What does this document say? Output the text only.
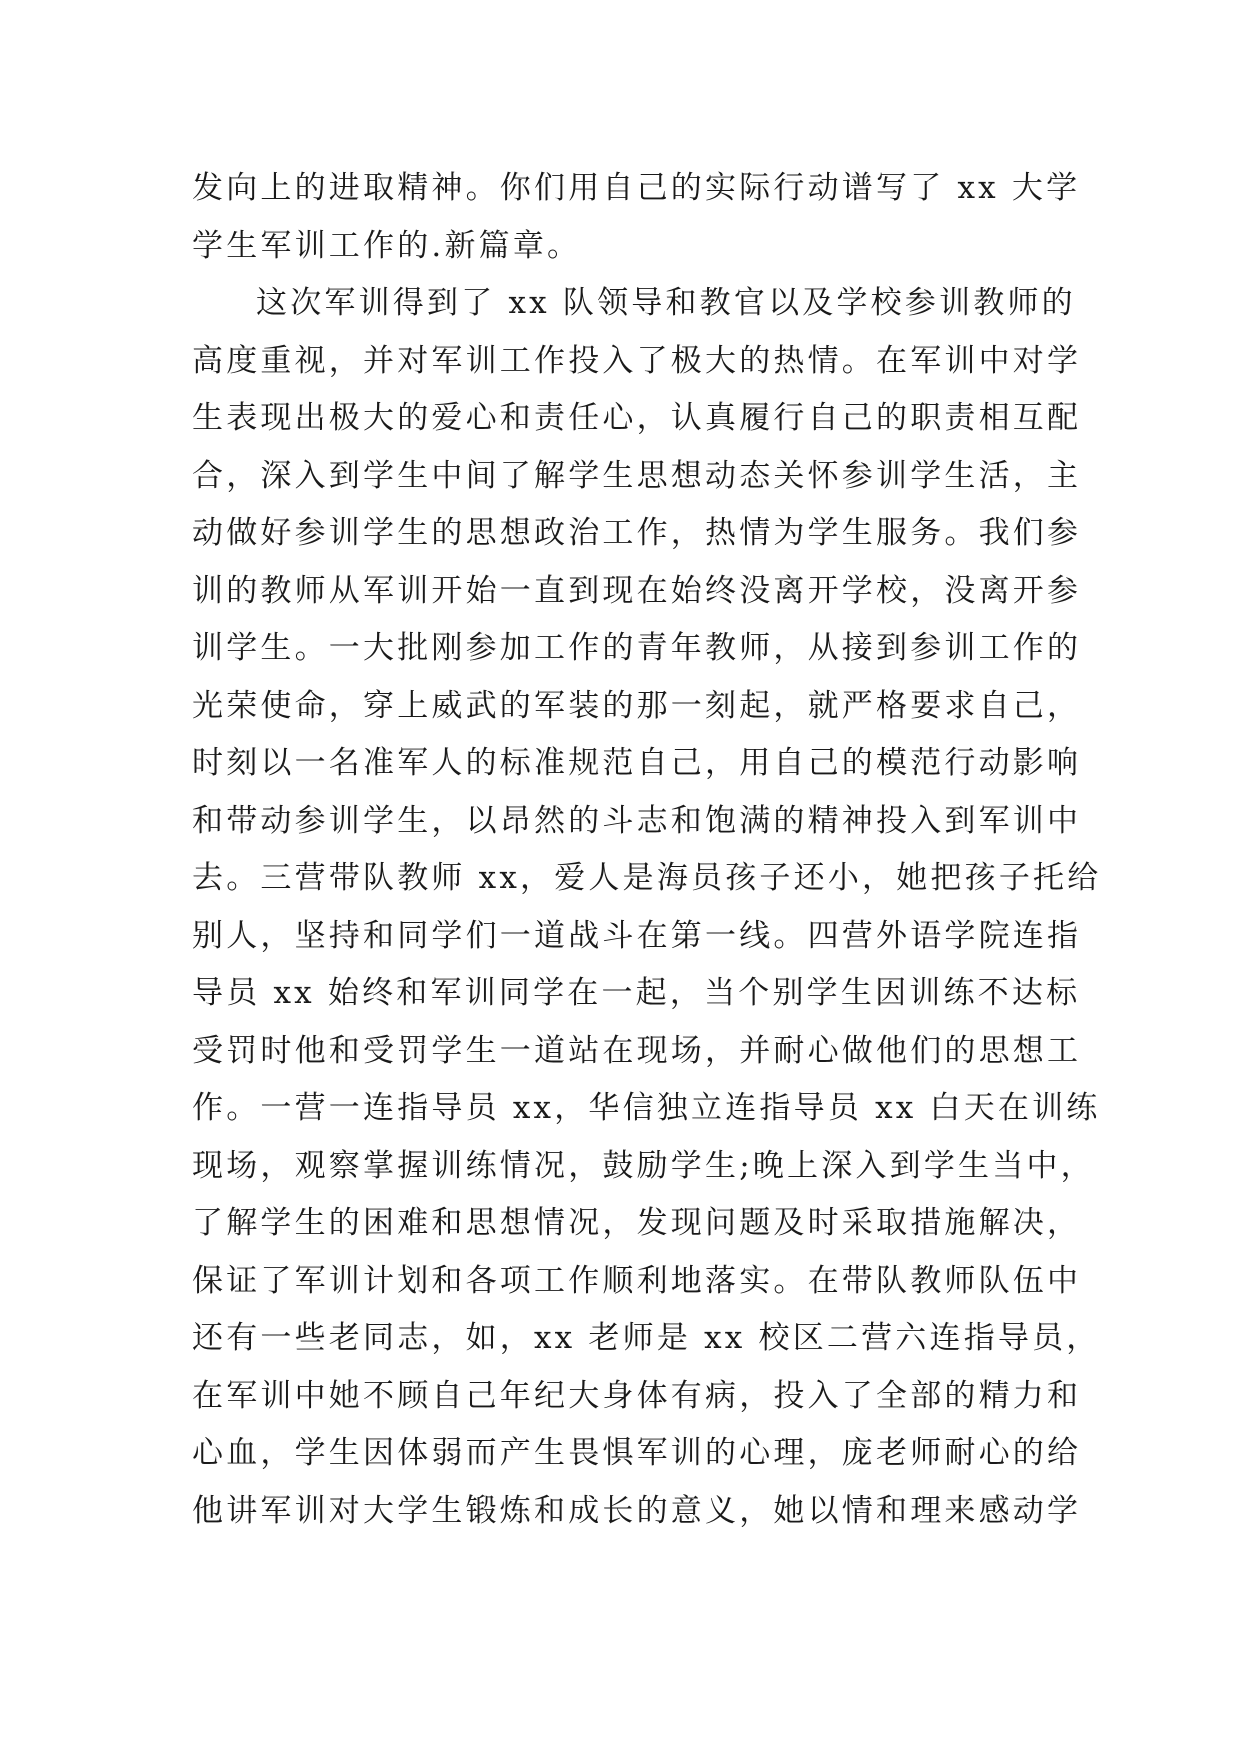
发向上的进取精神。你们用自己的实际行动谱写了 xx 大学
学生军训工作的.新篇章。
这次军训得到了 xx 队领导和教官以及学校参训教师的
高度重视，并对军训工作投入了极大的热情。在军训中对学
生表现出极大的爱心和责任心，认真履行自己的职责相互配
合，深入到学生中间了解学生思想动态关怀参训学生活，主
动做好参训学生的思想政治工作，热情为学生服务。我们参
训的教师从军训开始一直到现在始终没离开学校，没离开参
训学生。一大批刚参加工作的青年教师，从接到参训工作的
光荣使命，穿上威武的军装的那一刻起，就严格要求自己，
时刻以一名准军人的标准规范自己，用自己的模范行动影响
和带动参训学生，以昂然的斗志和饱满的精神投入到军训中
去。三营带队教师 xx，爱人是海员孩子还小，她把孩子托给
别人，坚持和同学们一道战斗在第一线。四营外语学院连指
导员 xx 始终和军训同学在一起，当个别学生因训练不达标
受罚时他和受罚学生一道站在现场，并耐心做他们的思想工
作。一营一连指导员 xx，华信独立连指导员 xx 白天在训练
现场，观察掌握训练情况，鼓励学生;晚上深入到学生当中，
了解学生的困难和思想情况，发现问题及时采取措施解决，
保证了军训计划和各项工作顺利地落实。在带队教师队伍中
还有一些老同志，如，xx 老师是 xx 校区二营六连指导员，
在军训中她不顾自己年纪大身体有病，投入了全部的精力和
心血，学生因体弱而产生畏惧军训的心理，庞老师耐心的给
他讲军训对大学生锻炼和成长的意义，她以情和理来感动学
